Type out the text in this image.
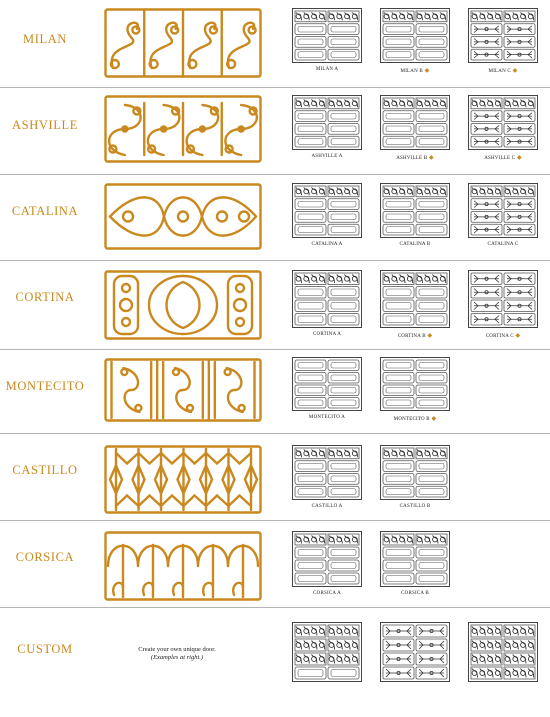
MILAN
MILAN A	MILAN B ◆	MILAN C ◆
ASHVILLE
ASHVILLE A	ASHVILLE B ◆	ASHVILLE C ◆
CATALINA
CATALINA A	CATALINA B	CATALINA C
CORTINA
CORTINA A	CORTINA B ◆	CORTINA C ◆
MONTECITO
MONTECITO A	MONTECITO B ◆
CASTILLO
CASTILLO A	CASTILLO B
CORSICA
CORSICA A	CORSICA B
CUSTOM	Create your own unique door.

(Examples at right.)
